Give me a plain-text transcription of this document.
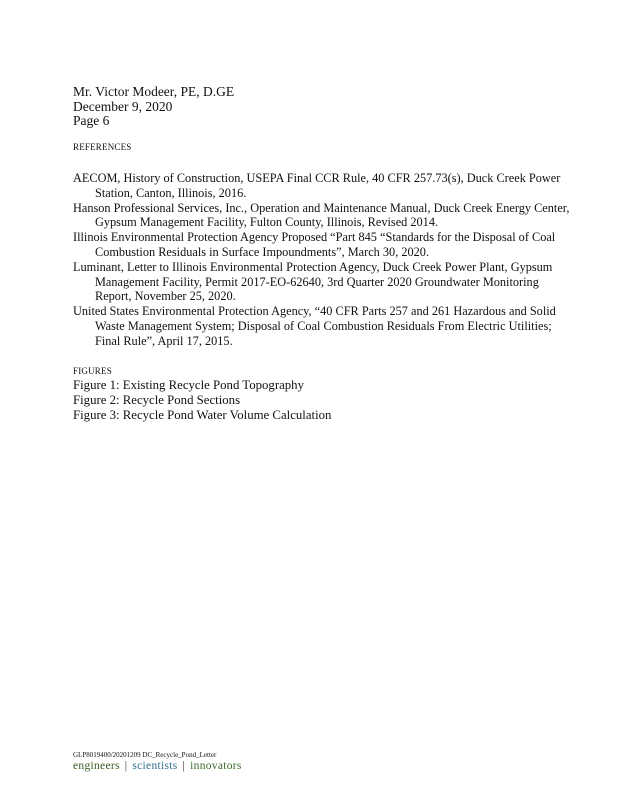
Mr. Victor Modeer, PE, D.GE
December 9, 2020
Page 6
REFERENCES
AECOM, History of Construction, USEPA Final CCR Rule, 40 CFR 257.73(s), Duck Creek Power Station, Canton, Illinois, 2016.
Hanson Professional Services, Inc., Operation and Maintenance Manual, Duck Creek Energy Center, Gypsum Management Facility, Fulton County, Illinois, Revised 2014.
Illinois Environmental Protection Agency Proposed “Part 845 “Standards for the Disposal of Coal Combustion Residuals in Surface Impoundments”, March 30, 2020.
Luminant, Letter to Illinois Environmental Protection Agency, Duck Creek Power Plant, Gypsum Management Facility, Permit 2017-EO-62640, 3rd Quarter 2020 Groundwater Monitoring Report, November 25, 2020.
United States Environmental Protection Agency, “40 CFR Parts 257 and 261 Hazardous and Solid Waste Management System; Disposal of Coal Combustion Residuals From Electric Utilities; Final Rule”, April 17, 2015.
FIGURES
Figure 1: Existing Recycle Pond Topography
Figure 2: Recycle Pond Sections
Figure 3: Recycle Pond Water Volume Calculation
GLP8019400/20201209 DC_Recycle_Pond_Letter
engineers | scientists | innovators
